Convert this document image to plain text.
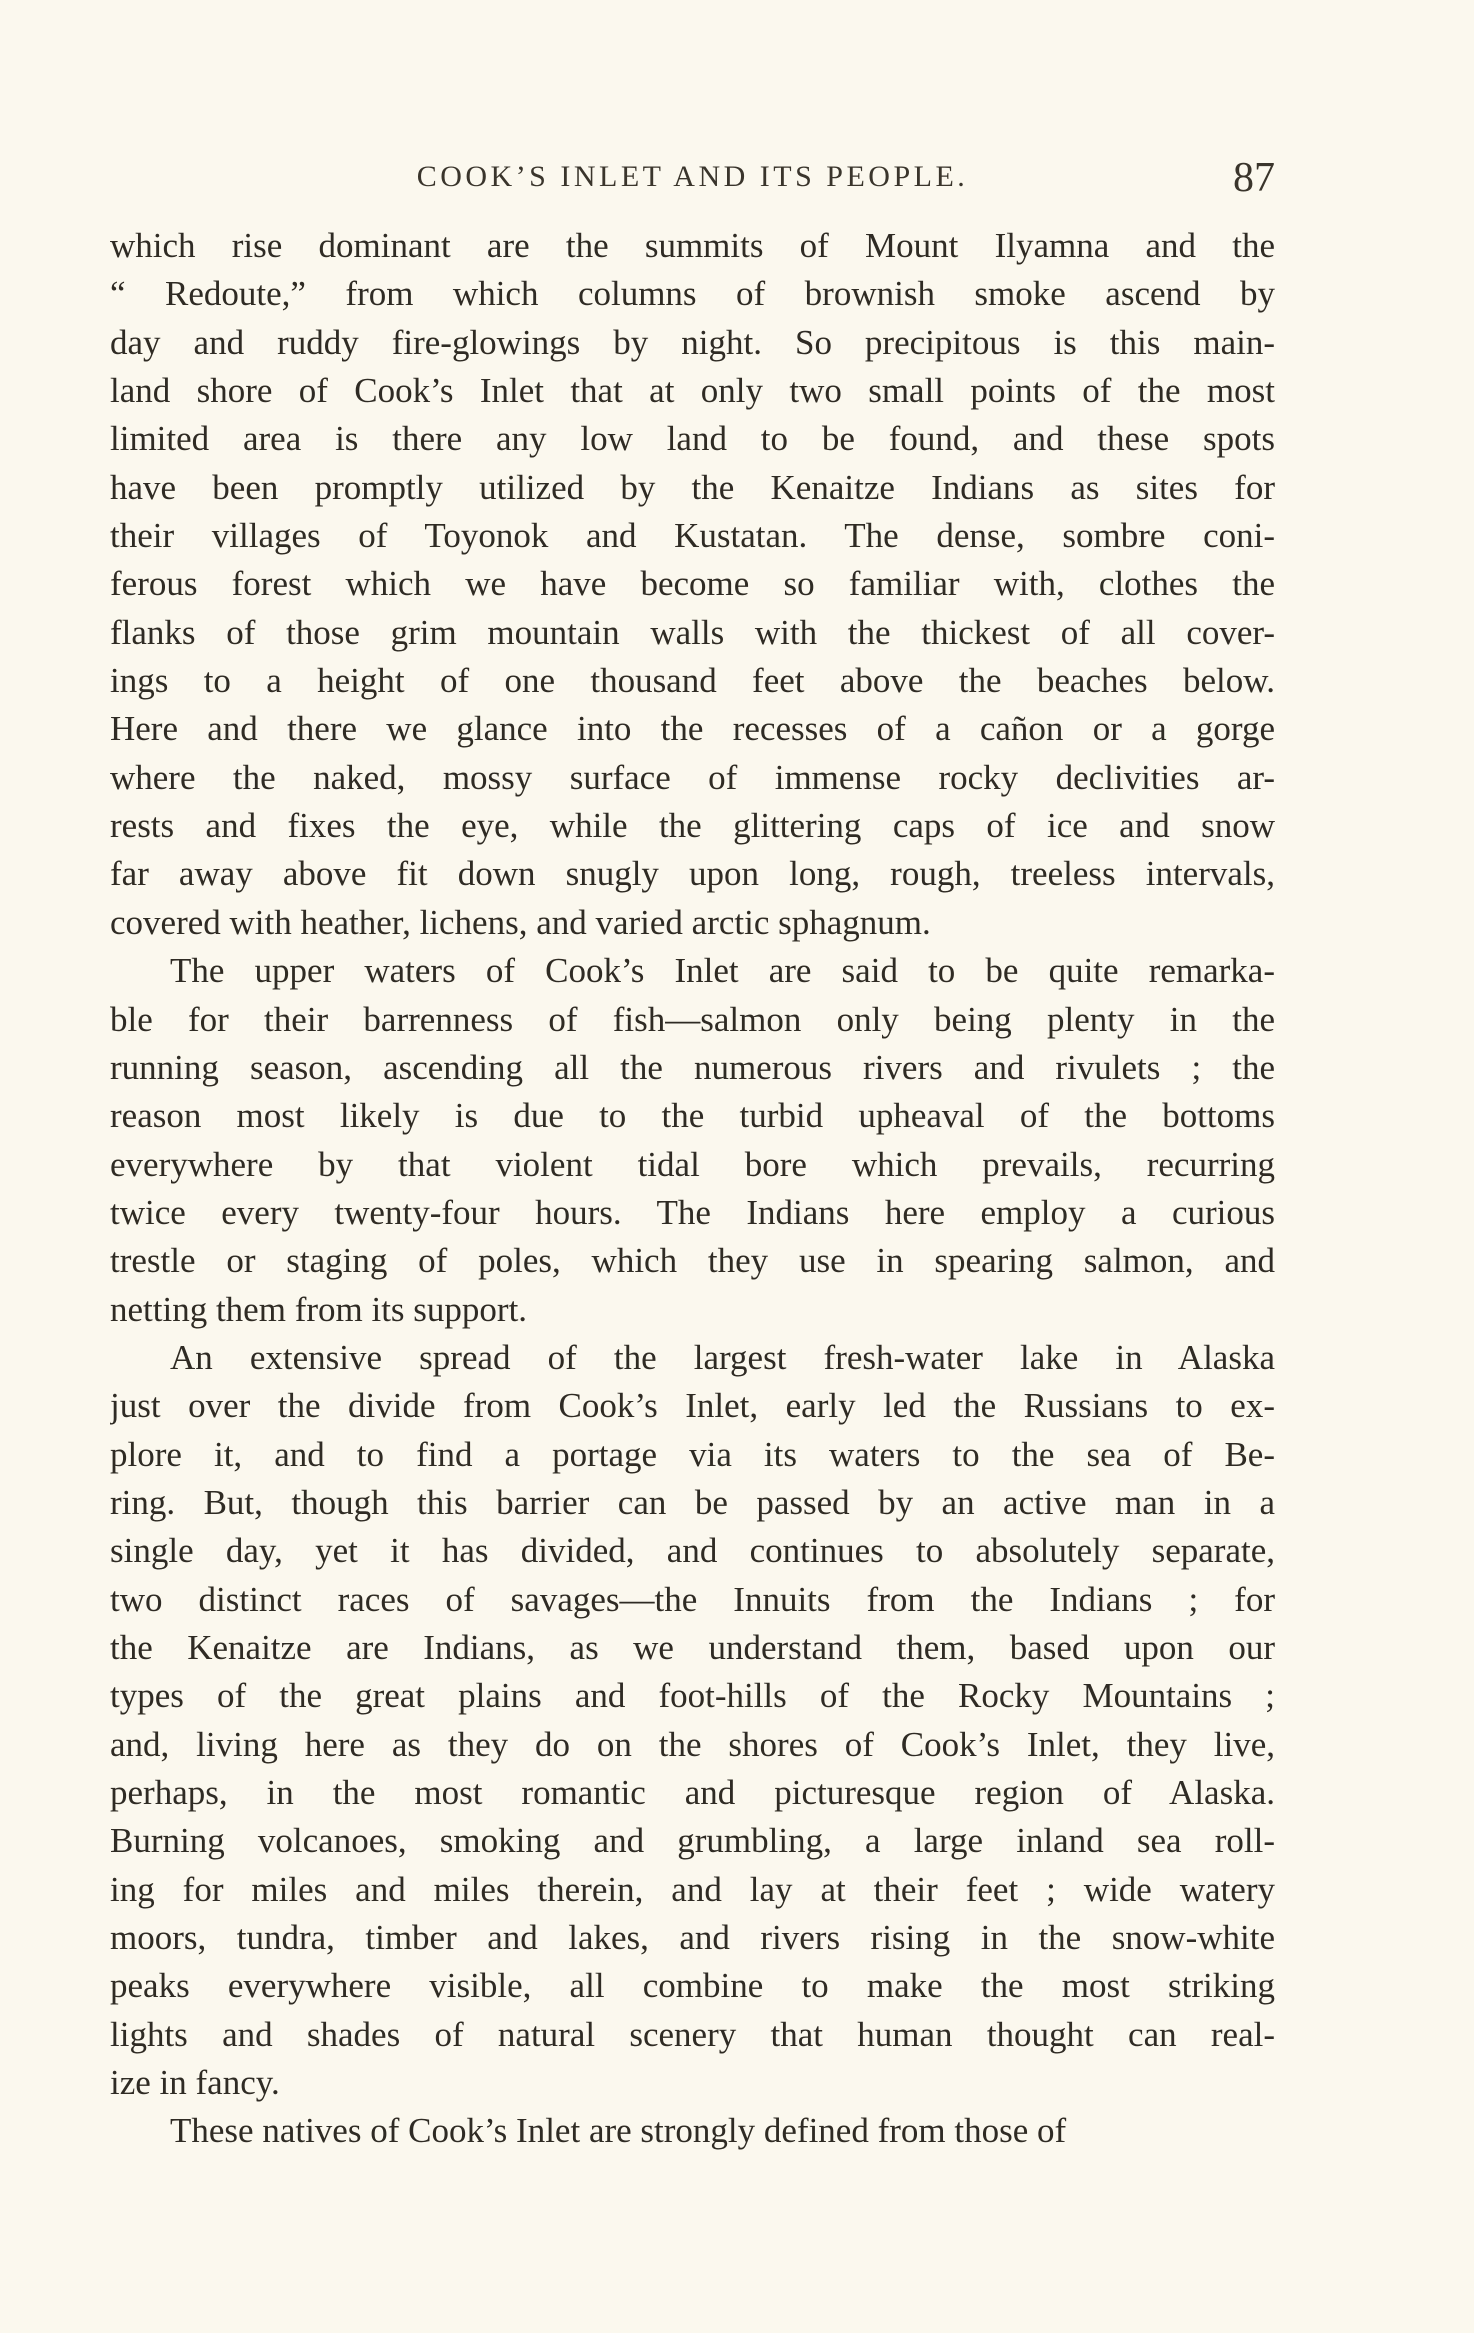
COOK’S INLET AND ITS PEOPLE.	87
which rise dominant are the summits of Mount Ilyamna and the
“ Redoute,” from which columns of brownish smoke ascend by
day and ruddy fire-glowings by night. So precipitous is this main-
land shore of Cook’s Inlet that at only two small points of the most
limited area is there any low land to be found, and these spots
have been promptly utilized by the Kenaitze Indians as sites for
their villages of Toyonok and Kustatan. The dense, sombre coni-
ferous forest which we have become so familiar with, clothes the
flanks of those grim mountain walls with the thickest of all cover-
ings to a height of one thousand feet above the beaches below.
Here and there we glance into the recesses of a cañon or a gorge
where the naked, mossy surface of immense rocky declivities ar-
rests and fixes the eye, while the glittering caps of ice and snow
far away above fit down snugly upon long, rough, treeless intervals,
covered with heather, lichens, and varied arctic sphagnum.
The upper waters of Cook’s Inlet are said to be quite remarka-
ble for their barrenness of fish—salmon only being plenty in the
running season, ascending all the numerous rivers and rivulets ; the
reason most likely is due to the turbid upheaval of the bottoms
everywhere by that violent tidal bore which prevails, recurring
twice every twenty-four hours. The Indians here employ a curious
trestle or staging of poles, which they use in spearing salmon, and
netting them from its support.
An extensive spread of the largest fresh-water lake in Alaska
just over the divide from Cook’s Inlet, early led the Russians to ex-
plore it, and to find a portage via its waters to the sea of Be-
ring. But, though this barrier can be passed by an active man in a
single day, yet it has divided, and continues to absolutely separate,
two distinct races of savages—the Innuits from the Indians ; for
the Kenaitze are Indians, as we understand them, based upon our
types of the great plains and foot-hills of the Rocky Mountains ;
and, living here as they do on the shores of Cook’s Inlet, they live,
perhaps, in the most romantic and picturesque region of Alaska.
Burning volcanoes, smoking and grumbling, a large inland sea roll-
ing for miles and miles therein, and lay at their feet ; wide watery
moors, tundra, timber and lakes, and rivers rising in the snow-white
peaks everywhere visible, all combine to make the most striking
lights and shades of natural scenery that human thought can real-
ize in fancy.
These natives of Cook’s Inlet are strongly defined from those of
